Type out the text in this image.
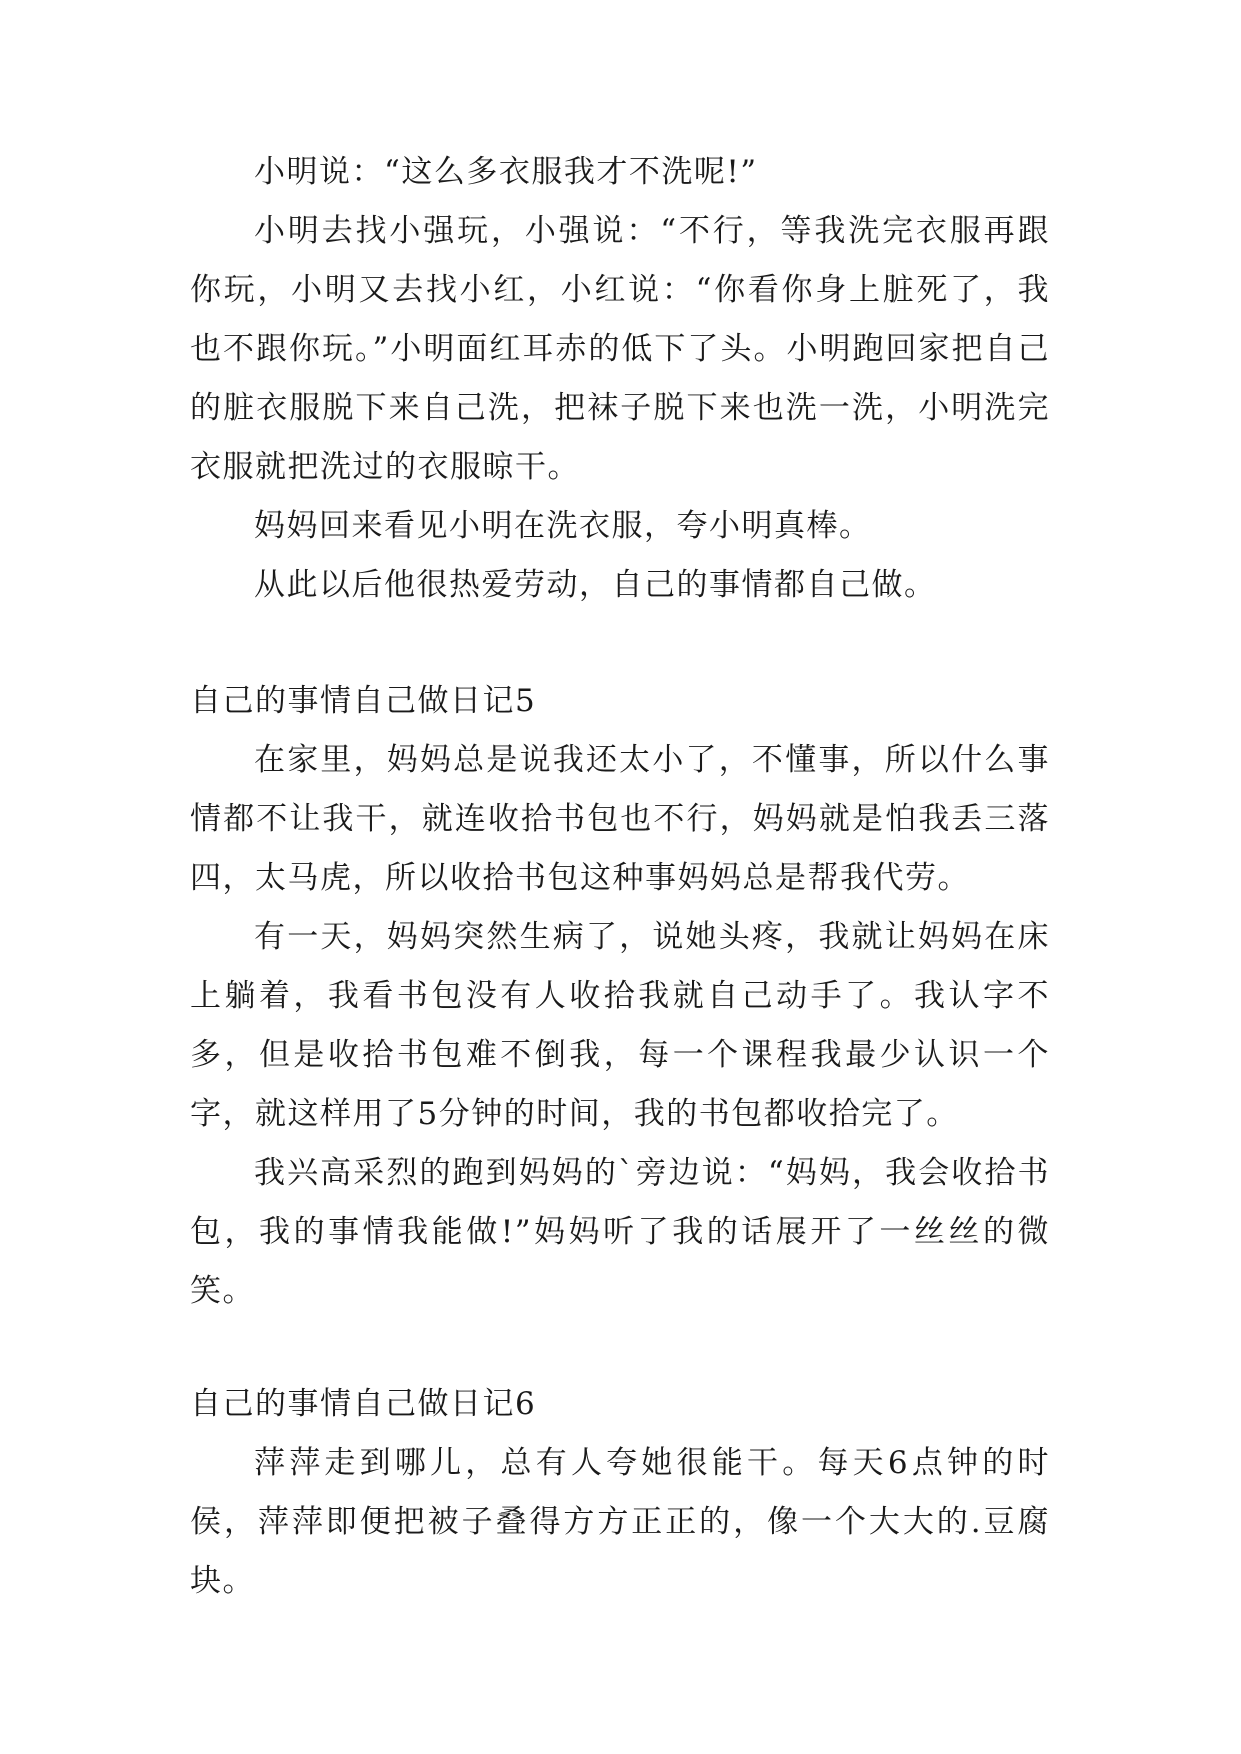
小明说：“这么多衣服我才不洗呢!”

小明去找小强玩，小强说：“不行，等我洗完衣服再跟你玩，小明又去找小红，小红说：“你看你身上脏死了，我也不跟你玩。”小明面红耳赤的低下了头。小明跑回家把自己的脏衣服脱下来自己洗，把袜子脱下来也洗一洗，小明洗完衣服就把洗过的衣服晾干。

妈妈回来看见小明在洗衣服，夸小明真棒。

从此以后他很热爱劳动，自己的事情都自己做。

自己的事情自己做日记5

在家里，妈妈总是说我还太小了，不懂事，所以什么事情都不让我干，就连收拾书包也不行，妈妈就是怕我丢三落四，太马虎，所以收拾书包这种事妈妈总是帮我代劳。

有一天，妈妈突然生病了，说她头疼，我就让妈妈在床上躺着，我看书包没有人收拾我就自己动手了。我认字不多，但是收拾书包难不倒我，每一个课程我最少认识一个字，就这样用了5分钟的时间，我的书包都收拾完了。

我兴高采烈的跑到妈妈的`旁边说：“妈妈，我会收拾书包，我的事情我能做!”妈妈听了我的话展开了一丝丝的微笑。

自己的事情自己做日记6

萍萍走到哪儿，总有人夸她很能干。每天6点钟的时侯，萍萍即便把被子叠得方方正正的，像一个大大的.豆腐块。
